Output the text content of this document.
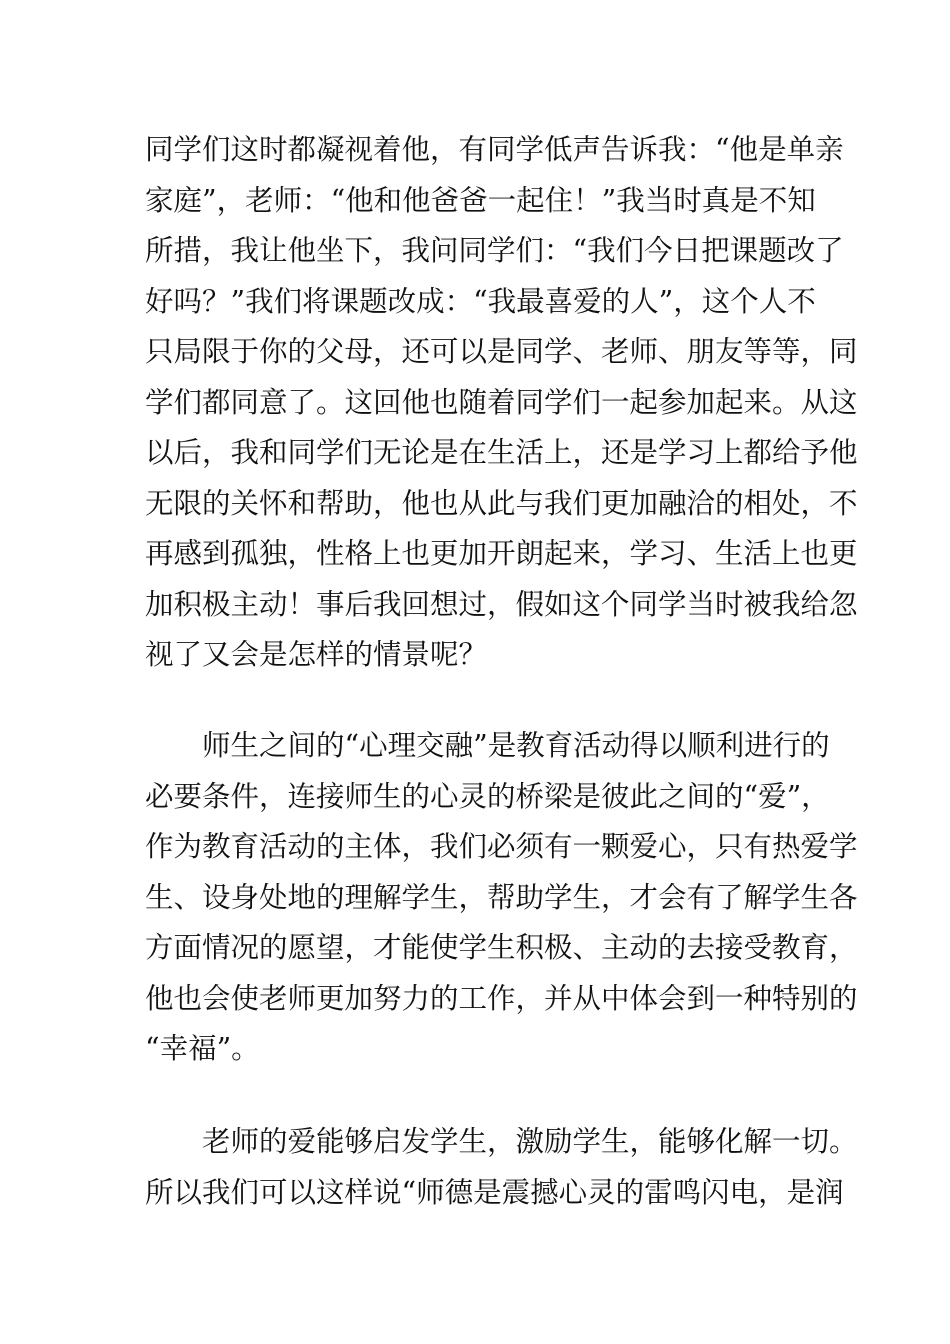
同学们这时都凝视着他，有同学低声告诉我：“他是单亲
家庭”，老师：“他和他爸爸一起住！”我当时真是不知
所措，我让他坐下，我问同学们：“我们今日把课题改了
好吗？”我们将课题改成：“我最喜爱的人”，这个人不
只局限于你的父母，还可以是同学、老师、朋友等等，同
学们都同意了。这回他也随着同学们一起参加起来。从这
以后，我和同学们无论是在生活上，还是学习上都给予他
无限的关怀和帮助，他也从此与我们更加融洽的相处，不
再感到孤独，性格上也更加开朗起来，学习、生活上也更
加积极主动！事后我回想过，假如这个同学当时被我给忽
视了又会是怎样的情景呢？
师生之间的“心理交融”是教育活动得以顺利进行的
必要条件，连接师生的心灵的桥梁是彼此之间的“爱”，
作为教育活动的主体，我们必须有一颗爱心，只有热爱学
生、设身处地的理解学生，帮助学生，才会有了解学生各
方面情况的愿望，才能使学生积极、主动的去接受教育，
他也会使老师更加努力的工作，并从中体会到一种特别的
“幸福”。
老师的爱能够启发学生，激励学生，能够化解一切。
所以我们可以这样说“师德是震撼心灵的雷鸣闪电，是润
